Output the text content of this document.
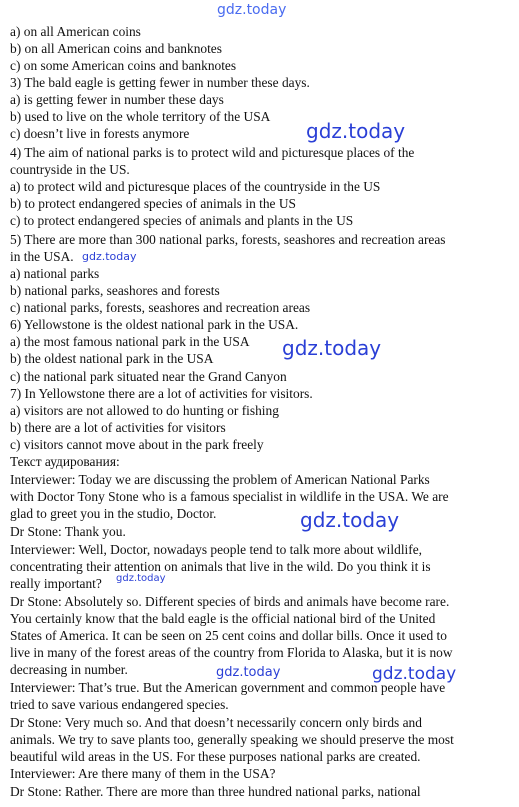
a) on all American coins
b) on all American coins and banknotes
c) on some American coins and banknotes
3) The bald eagle is getting fewer in number these days.
a) is getting fewer in number these days
b) used to live on the whole territory of the USA
c) doesn’t live in forests anymore
4) The aim of national parks is to protect wild and picturesque places of the
countryside in the US.
a) to protect wild and picturesque places of the countryside in the US
b) to protect endangered species of animals in the US
c) to protect endangered species of animals and plants in the US
5) There are more than 300 national parks, forests, seashores and recreation areas
in the USA.
a) national parks
b) national parks, seashores and forests
c) national parks, forests, seashores and recreation areas
6) Yellowstone is the oldest national park in the USA.
a) the most famous national park in the USA
b) the oldest national park in the USA
c) the national park situated near the Grand Canyon
7) In Yellowstone there are a lot of activities for visitors.
a) visitors are not allowed to do hunting or fishing
b) there are a lot of activities for visitors
c) visitors cannot move about in the park freely
Текст аудирования:
Interviewer: Today we are discussing the problem of American National Parks
with Doctor Tony Stone who is a famous specialist in wildlife in the USA. We are
glad to greet you in the studio, Doctor.
Dr Stone: Thank you.
Interviewer: Well, Doctor, nowadays people tend to talk more about wildlife,
concentrating their attention on animals that live in the wild. Do you think it is
really important?
Dr Stone: Absolutely so. Different species of birds and animals have become rare.
You certainly know that the bald eagle is the official national bird of the United
States of America. It can be seen on 25 cent coins and dollar bills. Once it used to
live in many of the forest areas of the country from Florida to Alaska, but it is now
decreasing in number.
Interviewer: That’s true. But the American government and common people have
tried to save various endangered species.
Dr Stone: Very much so. And that doesn’t necessarily concern only birds and
animals. We try to save plants too, generally speaking we should preserve the most
beautiful wild areas in the US. For these purposes national parks are created.
Interviewer: Are there many of them in the USA?
Dr Stone: Rather. There are more than three hundred national parks, national
gdz.today
gdz.today
gdz.today
gdz.today
gdz.today
gdz.today
gdz.today	gdz.today
